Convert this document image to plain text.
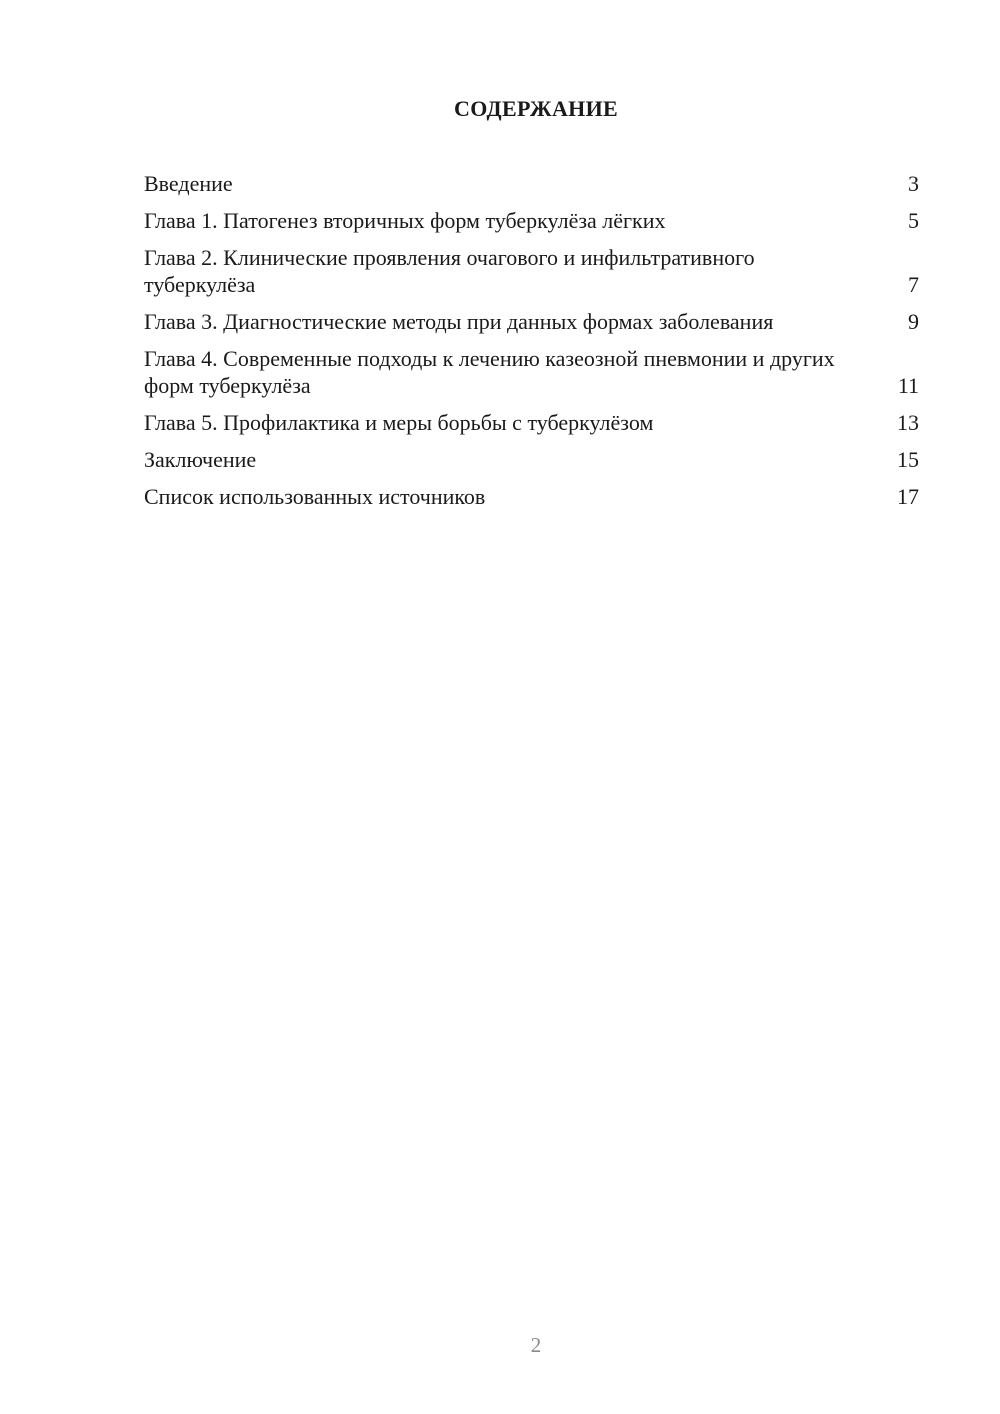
СОДЕРЖАНИЕ
Введение	3
Глава 1. Патогенез вторичных форм туберкулёза лёгких	5
Глава 2. Клинические проявления очагового и инфильтративного туберкулёза	7
Глава 3. Диагностические методы при данных формах заболевания	9
Глава 4. Современные подходы к лечению казеозной пневмонии и других форм туберкулёза	11
Глава 5. Профилактика и меры борьбы с туберкулёзом	13
Заключение	15
Список использованных источников	17
2
